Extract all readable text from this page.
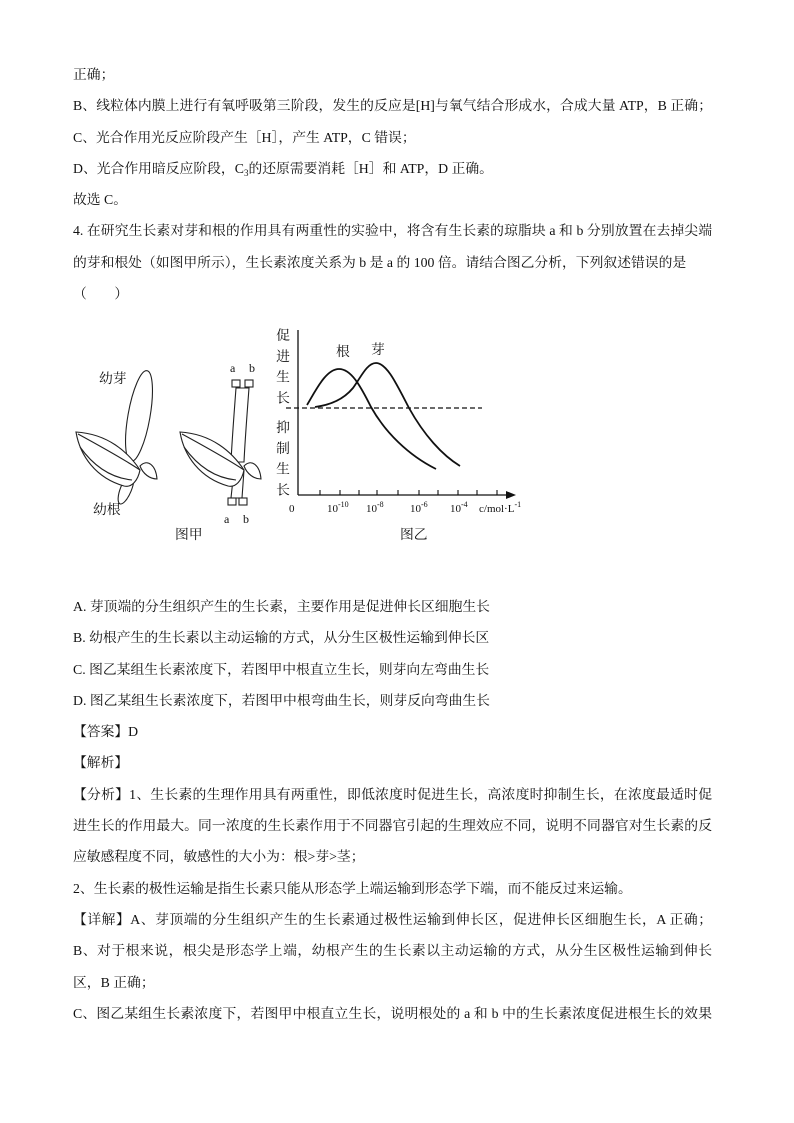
正确；
B、线粒体内膜上进行有氧呼吸第三阶段，发生的反应是[H]与氧气结合形成水，合成大量 ATP，B 正确；
C、光合作用光反应阶段产生［H］，产生 ATP，C 错误；
D、光合作用暗反应阶段，$C_3$的还原需要消耗［H］和 ATP，D 正确。
故选 C。
4. 在研究生长素对芽和根的作用具有两重性的实验中，将含有生长素的琼脂块 a 和 b 分别放置在去掉尖端
的芽和根处（如图甲所示），生长素浓度关系为 b 是 a 的 100 倍。请结合图乙分析，下列叙述错误的是
（　　）
幼芽
幼根
a b
a b
图甲
促进生长
抑制生长
根 芽
0	$10^{-10}$ $10^{-8}$ $10^{-6}$ $10^{-4}$ $c/mol\cdot L^{-1}$
图乙
A. 芽顶端的分生组织产生的生长素，主要作用是促进伸长区细胞生长
B. 幼根产生的生长素以主动运输的方式，从分生区极性运输到伸长区
C. 图乙某组生长素浓度下，若图甲中根直立生长，则芽向左弯曲生长
D. 图乙某组生长素浓度下，若图甲中根弯曲生长，则芽反向弯曲生长
【答案】D
【解析】
【分析】1、生长素的生理作用具有两重性，即低浓度时促进生长，高浓度时抑制生长，在浓度最适时促
进生长的作用最大。同一浓度的生长素作用于不同器官引起的生理效应不同，说明不同器官对生长素的反
应敏感程度不同，敏感性的大小为：根>芽>茎；
2、生长素的极性运输是指生长素只能从形态学上端运输到形态学下端，而不能反过来运输。
【详解】A、芽顶端的分生组织产生的生长素通过极性运输到伸长区，促进伸长区细胞生长，A 正确；
B、对于根来说，根尖是形态学上端，幼根产生的生长素以主动运输的方式，从分生区极性运输到伸长
区，B 正确；
C、图乙某组生长素浓度下，若图甲中根直立生长，说明根处的 a 和 b 中的生长素浓度促进根生长的效果
